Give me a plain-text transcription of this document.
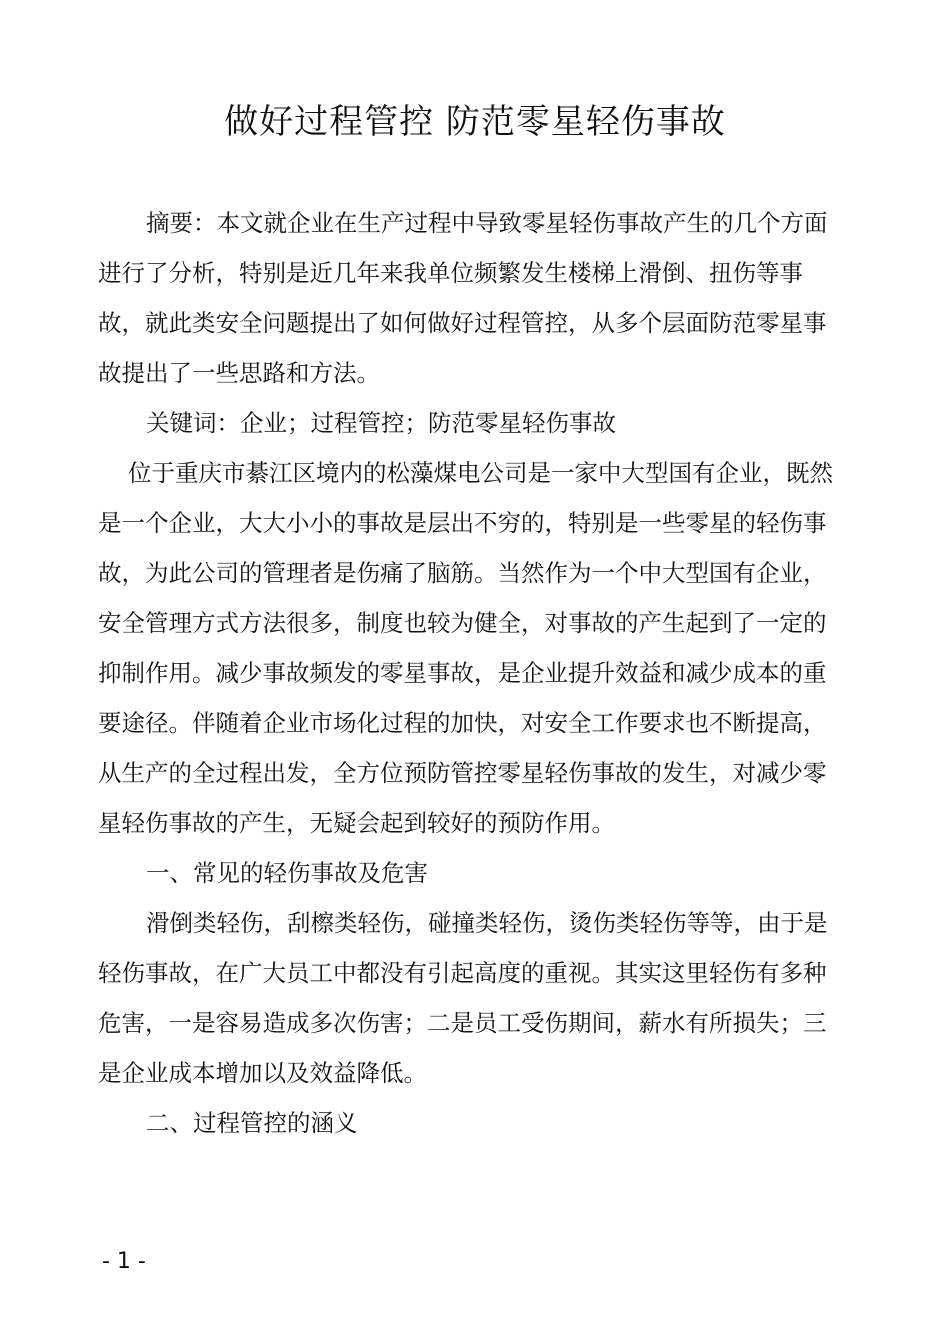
做好过程管控 防范零星轻伤事故
摘要：本文就企业在生产过程中导致零星轻伤事故产生的几个方面
进行了分析，特别是近几年来我单位频繁发生楼梯上滑倒、扭伤等事
故，就此类安全问题提出了如何做好过程管控，从多个层面防范零星事
故提出了一些思路和方法。
关键词：企业；过程管控；防范零星轻伤事故
位于重庆市綦江区境内的松藻煤电公司是一家中大型国有企业，既然
是一个企业，大大小小的事故是层出不穷的，特别是一些零星的轻伤事
故，为此公司的管理者是伤痛了脑筋。当然作为一个中大型国有企业，
安全管理方式方法很多，制度也较为健全，对事故的产生起到了一定的
抑制作用。减少事故频发的零星事故，是企业提升效益和减少成本的重
要途径。伴随着企业市场化过程的加快，对安全工作要求也不断提高，
从生产的全过程出发，全方位预防管控零星轻伤事故的发生，对减少零
星轻伤事故的产生，无疑会起到较好的预防作用。
一、常见的轻伤事故及危害
滑倒类轻伤，刮檫类轻伤，碰撞类轻伤，烫伤类轻伤等等，由于是
轻伤事故，在广大员工中都没有引起高度的重视。其实这里轻伤有多种
危害，一是容易造成多次伤害；二是员工受伤期间，薪水有所损失；三
是企业成本增加以及效益降低。
二、过程管控的涵义
- 1 -
